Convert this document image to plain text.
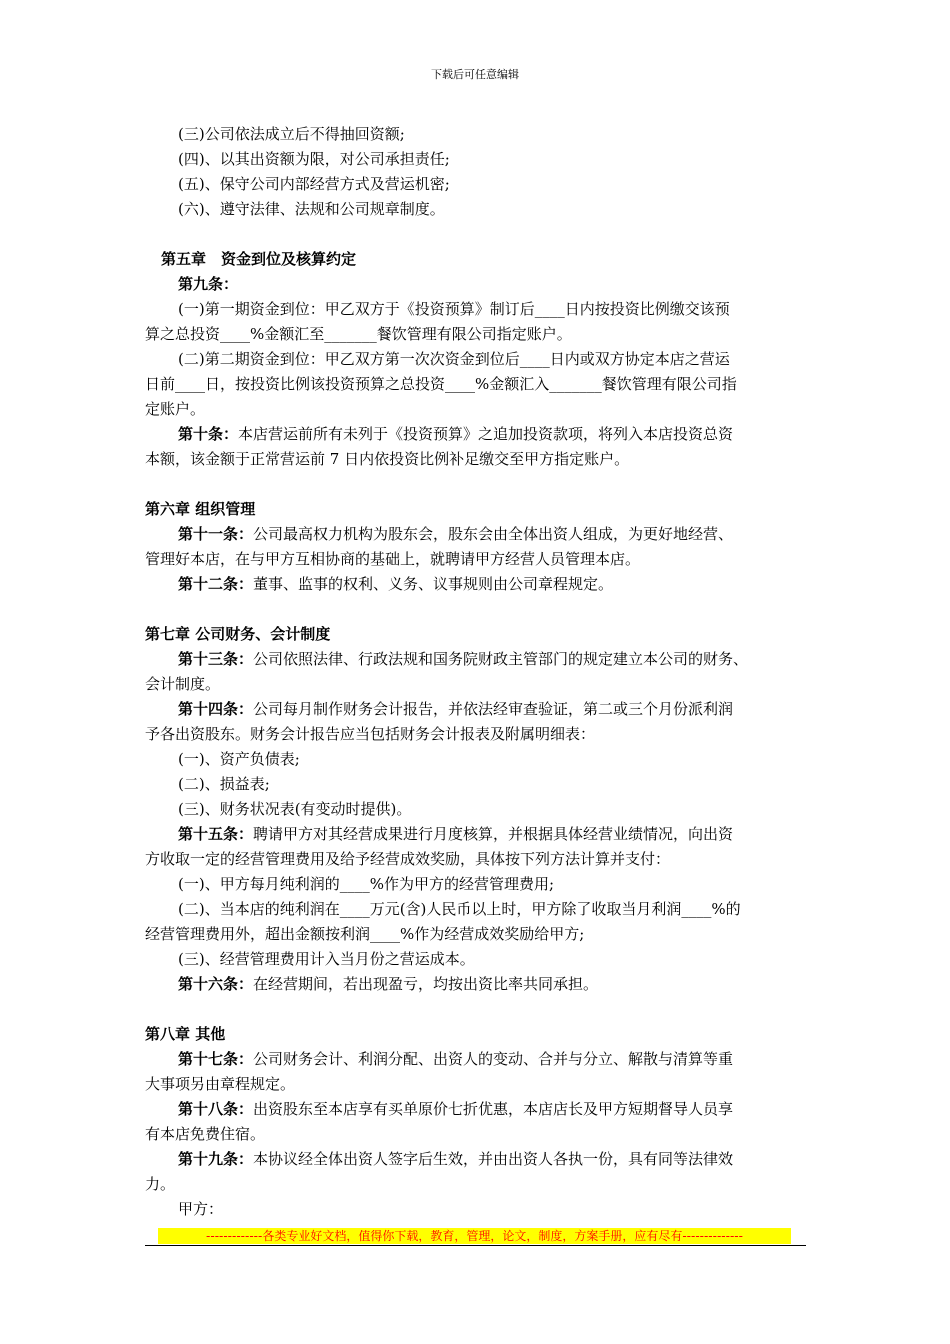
下载后可任意编辑
(三)公司依法成立后不得抽回资额;
(四)、以其出资额为限，对公司承担责任;
(五)、保守公司内部经营方式及营运机密;
(六)、遵守法律、法规和公司规章制度。
第五章　资金到位及核算约定
第九条：
(一)第一期资金到位：甲乙双方于《投资预算》制订后____日内按投资比例缴交该预
算之总投资____%金额汇至_______餐饮管理有限公司指定账户。
(二)第二期资金到位：甲乙双方第一次次资金到位后____日内或双方协定本店之营运
日前____日，按投资比例该投资预算之总投资____%金额汇入_______餐饮管理有限公司指
定账户。
第十条：本店营运前所有未列于《投资预算》之追加投资款项，将列入本店投资总资
本额，该金额于正常营运前 7 日内依投资比例补足缴交至甲方指定账户。
第六章 组织管理
第十一条：公司最高权力机构为股东会，股东会由全体出资人组成，为更好地经营、
管理好本店，在与甲方互相协商的基础上，就聘请甲方经营人员管理本店。
第十二条：董事、监事的权利、义务、议事规则由公司章程规定。
第七章 公司财务、会计制度
第十三条：公司依照法律、行政法规和国务院财政主管部门的规定建立本公司的财务、
会计制度。
第十四条：公司每月制作财务会计报告，并依法经审查验证，第二或三个月份派利润
予各出资股东。财务会计报告应当包括财务会计报表及附属明细表：
(一)、资产负债表;
(二)、损益表;
(三)、财务状况表(有变动时提供)。
第十五条：聘请甲方对其经营成果进行月度核算，并根据具体经营业绩情况，向出资
方收取一定的经营管理费用及给予经营成效奖励，具体按下列方法计算并支付：
(一)、甲方每月纯利润的____%作为甲方的经营管理费用;
(二)、当本店的纯利润在____万元(含)人民币以上时，甲方除了收取当月利润____%的
经营管理费用外，超出金额按利润____%作为经营成效奖励给甲方;
(三)、经营管理费用计入当月份之营运成本。
第十六条：在经营期间，若出现盈亏，均按出资比率共同承担。
第八章 其他
第十七条：公司财务会计、利润分配、出资人的变动、合并与分立、解散与清算等重
大事项另由章程规定。
第十八条：出资股东至本店享有买单原价七折优惠，本店店长及甲方短期督导人员享
有本店免费住宿。
第十九条：本协议经全体出资人签字后生效，并由出资人各执一份，具有同等法律效
力。
甲方：
-------------各类专业好文档，值得你下载，教育，管理，论文，制度，方案手册，应有尽有--------------
